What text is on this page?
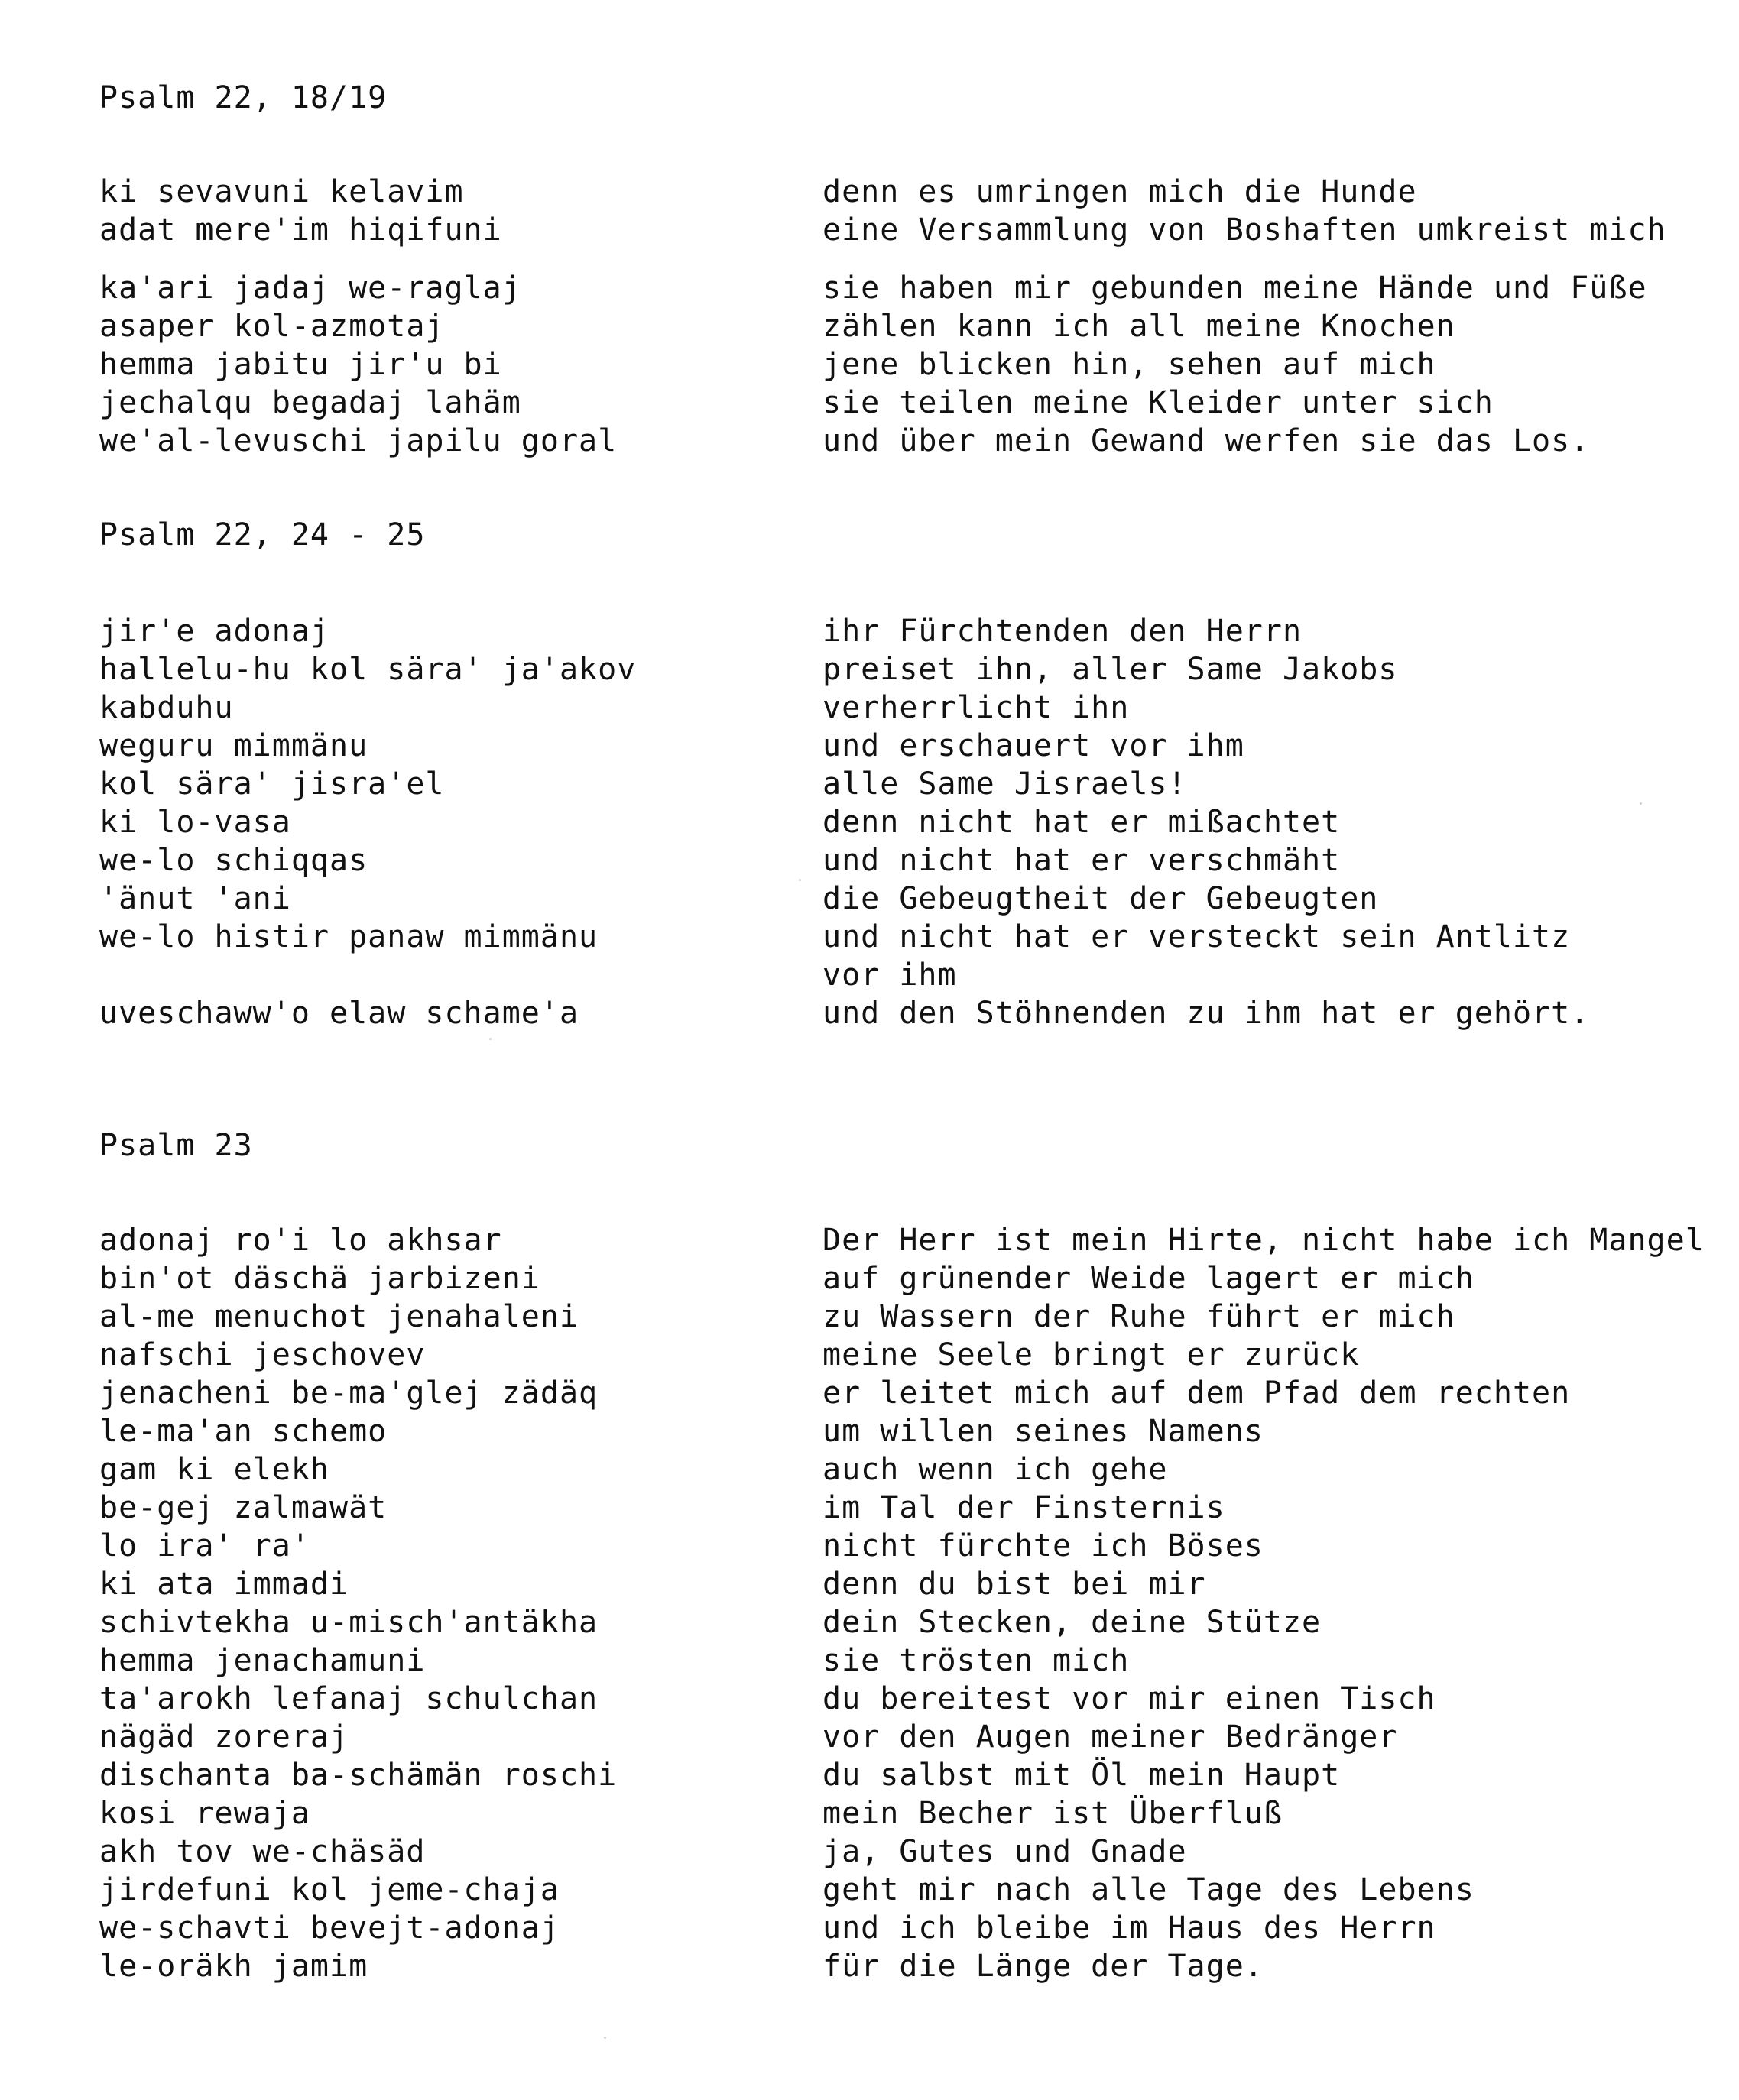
Psalm 22, 18/19

ki sevavuni kelavim

	denn es umringen mich die Hunde

adat mere'im hiqifuni

	eine Versammlung von Boshaften umkreist mich

ka'ari jadaj we-raglaj

	sie haben mir gebunden meine Hände und Füße

asaper kol-azmotaj

	zählen kann ich all meine Knochen

hemma jabitu jir'u bi

	jene blicken hin, sehen auf mich

jechalqu begadaj lahäm

	sie teilen meine Kleider unter sich

we'al-levuschi japilu goral

	und über mein Gewand werfen sie das Los.

Psalm 22, 24 - 25

jir'e adonaj

	ihr Fürchtenden den Herrn

hallelu-hu kol sära' ja'akov

	preiset ihn, aller Same Jakobs

kabduhu

	verherrlicht ihn

weguru mimmänu

	und erschauert vor ihm

kol sära' jisra'el

	alle Same Jisraels!

ki lo-vasa

	denn nicht hat er mißachtet

we-lo schiqqas

	und nicht hat er verschmäht

'änut 'ani

	die Gebeugtheit der Gebeugten

we-lo histir panaw mimmänu

	und nicht hat er versteckt sein Antlitz

vor ihm

uveschaww'o elaw schame'a

	und den Stöhnenden zu ihm hat er gehört.

Psalm 23

adonaj ro'i lo akhsar

	Der Herr ist mein Hirte, nicht habe ich Mangel

bin'ot däschä jarbizeni

	auf grünender Weide lagert er mich

al-me menuchot jenahaleni

	zu Wassern der Ruhe führt er mich

nafschi jeschovev

	meine Seele bringt er zurück

jenacheni be-ma'glej zädäq

	er leitet mich auf dem Pfad dem rechten

le-ma'an schemo

	um willen seines Namens

gam ki elekh

	auch wenn ich gehe

be-gej zalmawät

	im Tal der Finsternis

lo ira' ra'

	nicht fürchte ich Böses

ki ata immadi

	denn du bist bei mir

schivtekha u-misch'antäkha

	dein Stecken, deine Stütze

hemma jenachamuni

	sie trösten mich

ta'arokh lefanaj schulchan

	du bereitest vor mir einen Tisch

nägäd zoreraj

	vor den Augen meiner Bedränger

dischanta ba-schämän roschi

	du salbst mit Öl mein Haupt

kosi rewaja

	mein Becher ist Überfluß

akh tov we-chäsäd

	ja, Gutes und Gnade

jirdefuni kol jeme-chaja

	geht mir nach alle Tage des Lebens

we-schavti bevejt-adonaj

	und ich bleibe im Haus des Herrn

le-oräkh jamim

	für die Länge der Tage.
